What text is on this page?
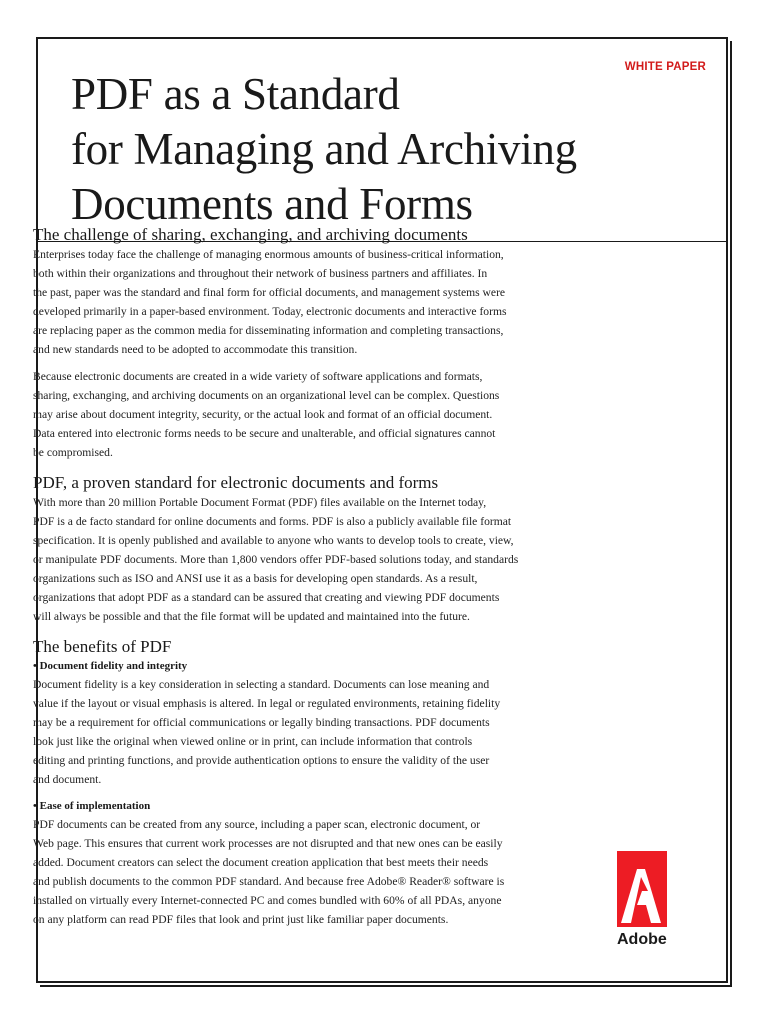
WHITE PAPER
PDF as a Standard
for Managing and Archiving
Documents and Forms
The challenge of sharing, exchanging, and archiving documents

Enterprises today face the challenge of managing enormous amounts of business-critical information,
both within their organizations and throughout their network of business partners and affiliates. In
the past, paper was the standard and final form for official documents, and management systems were
developed primarily in a paper-based environment. Today, electronic documents and interactive forms
are replacing paper as the common media for disseminating information and completing transactions,
and new standards need to be adopted to accommodate this transition.

Because electronic documents are created in a wide variety of software applications and formats,
sharing, exchanging, and archiving documents on an organizational level can be complex. Questions
may arise about document integrity, security, or the actual look and format of an official document.
Data entered into electronic forms needs to be secure and unalterable, and official signatures cannot
be compromised.

PDF, a proven standard for electronic documents and forms

With more than 20 million Portable Document Format (PDF) files available on the Internet today,
PDF is a de facto standard for online documents and forms. PDF is also a publicly available file format
specification. It is openly published and available to anyone who wants to develop tools to create, view,
or manipulate PDF documents. More than 1,800 vendors offer PDF-based solutions today, and standards
organizations such as ISO and ANSI use it as a basis for developing open standards. As a result,
organizations that adopt PDF as a standard can be assured that creating and viewing PDF documents
will always be possible and that the file format will be updated and maintained into the future.

The benefits of PDF
• Document fidelity and integrity

Document fidelity is a key consideration in selecting a standard. Documents can lose meaning and
value if the layout or visual emphasis is altered. In legal or regulated environments, retaining fidelity
may be a requirement for official communications or legally binding transactions. PDF documents
look just like the original when viewed online or in print, can include information that controls
editing and printing functions, and provide authentication options to ensure the validity of the user
and document.

• Ease of implementation

PDF documents can be created from any source, including a paper scan, electronic document, or
Web page. This ensures that current work processes are not disrupted and that new ones can be easily
added. Document creators can select the document creation application that best meets their needs
and publish documents to the common PDF standard. And because free Adobe® Reader® software is
installed on virtually every Internet-connected PC and comes bundled with 60% of all PDAs, anyone
on any platform can read PDF files that look and print just like familiar paper documents.

Adobe
